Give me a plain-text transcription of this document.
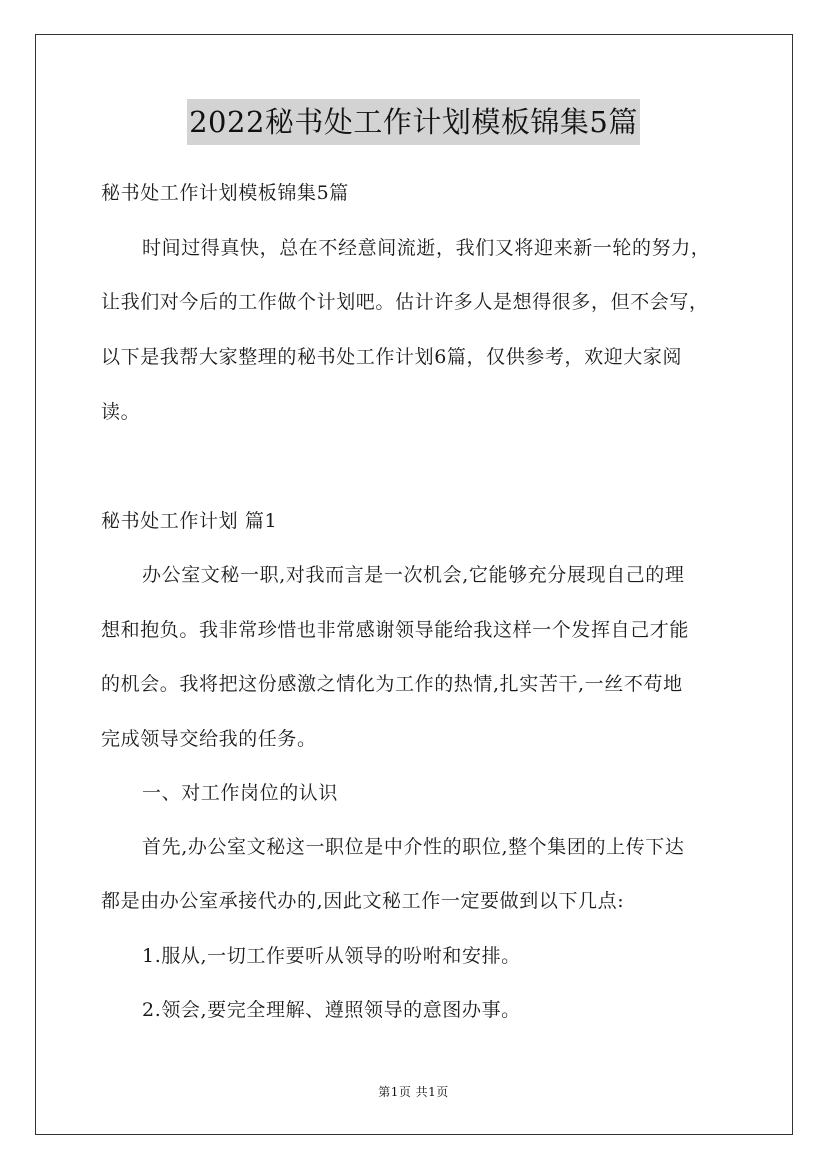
2022秘书处工作计划模板锦集5篇
秘书处工作计划模板锦集5篇
时间过得真快，总在不经意间流逝，我们又将迎来新一轮的努力，
让我们对今后的工作做个计划吧。估计许多人是想得很多，但不会写，
以下是我帮大家整理的秘书处工作计划6篇，仅供参考，欢迎大家阅
读。
秘书处工作计划 篇1
办公室文秘一职,对我而言是一次机会,它能够充分展现自己的理
想和抱负。我非常珍惜也非常感谢领导能给我这样一个发挥自己才能
的机会。我将把这份感激之情化为工作的热情,扎实苦干,一丝不苟地
完成领导交给我的任务。
一、对工作岗位的认识
首先,办公室文秘这一职位是中介性的职位,整个集团的上传下达
都是由办公室承接代办的,因此文秘工作一定要做到以下几点:
1.服从,一切工作要听从领导的吩咐和安排。
2.领会,要完全理解、遵照领导的意图办事。
第1页 共1页
